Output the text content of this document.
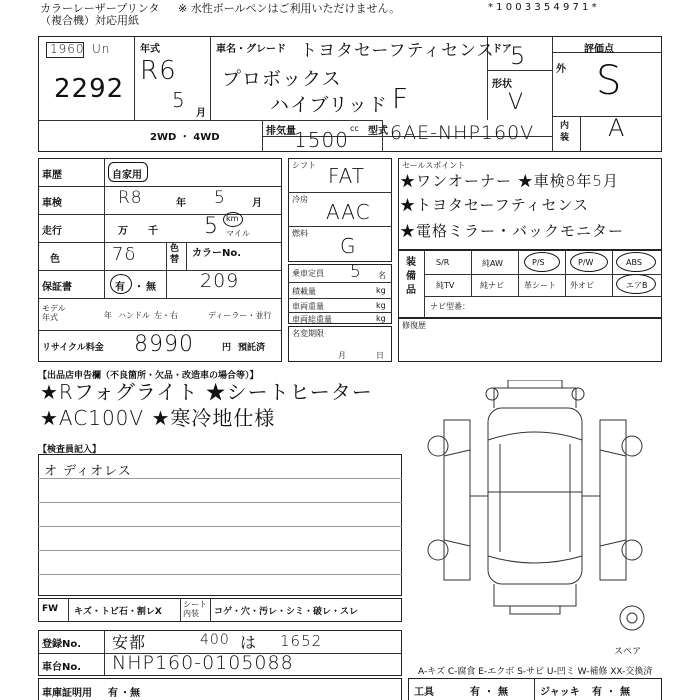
カラーレーザープリンタ
（複合機）対応用紙
※ 水性ボールペンはご利用いただけません。	* 1 0 0 3 3 5 4 9 7 1 *
1960 Un
2292
年式
R6
5
月
車名・グレード トヨタセーフティセンス
プロボックス
ハイブリッド F
ドア
5
形状
V
2WD ・ 4WD
排気量
1500 cc 型式 6AE-NHP160V
評価点
外 S
内装 A
車歴	自家用
車検	R8	年 5	月
走行	万 千 5 km
マイル
色	7δ	色替
カラーNo.
保証書	有 ・ 無 209
モデル年式	年 ハンドル 左・右	ディーラー・並行
リサイクル料金 8990	円 預託済
シフト FAT
冷房
AAC
燃料
G
乗車定員 5 名
積載量	kg
車両重量	kg
車両総重量	kg
名変期限
月	日
セールスポイント
★ワンオーナー ★車検8年5月
★トヨタセーフティセンス
★電格ミラー・バックモニター
装備品
S/R	純AW	P/S	P/W	ABS
純TV	純ナビ	革シート 外オビ	エアB
ナビ型番：
修復歴
【出品店申告欄（不良箇所・欠品・改造車の場合等）】
★Rフォグライト ★シートヒーター
★AC100V ★寒冷地仕様
【検査員記入】
オ ディオレス
FW キズ・トビ石・割レX
シート内装	コゲ・穴・汚レ・シミ・破レ・スレ
登録No. 安都	400 は 1652
車台No. NHP160-0105088
車庫証明用 有 ・ 無	工具	有 ・ 無	ジャッキ 有 ・ 無
A-キズ C-腐食 E-エクボ S-サビ U-凹ミ W-補修 XX-交換済
スペア
